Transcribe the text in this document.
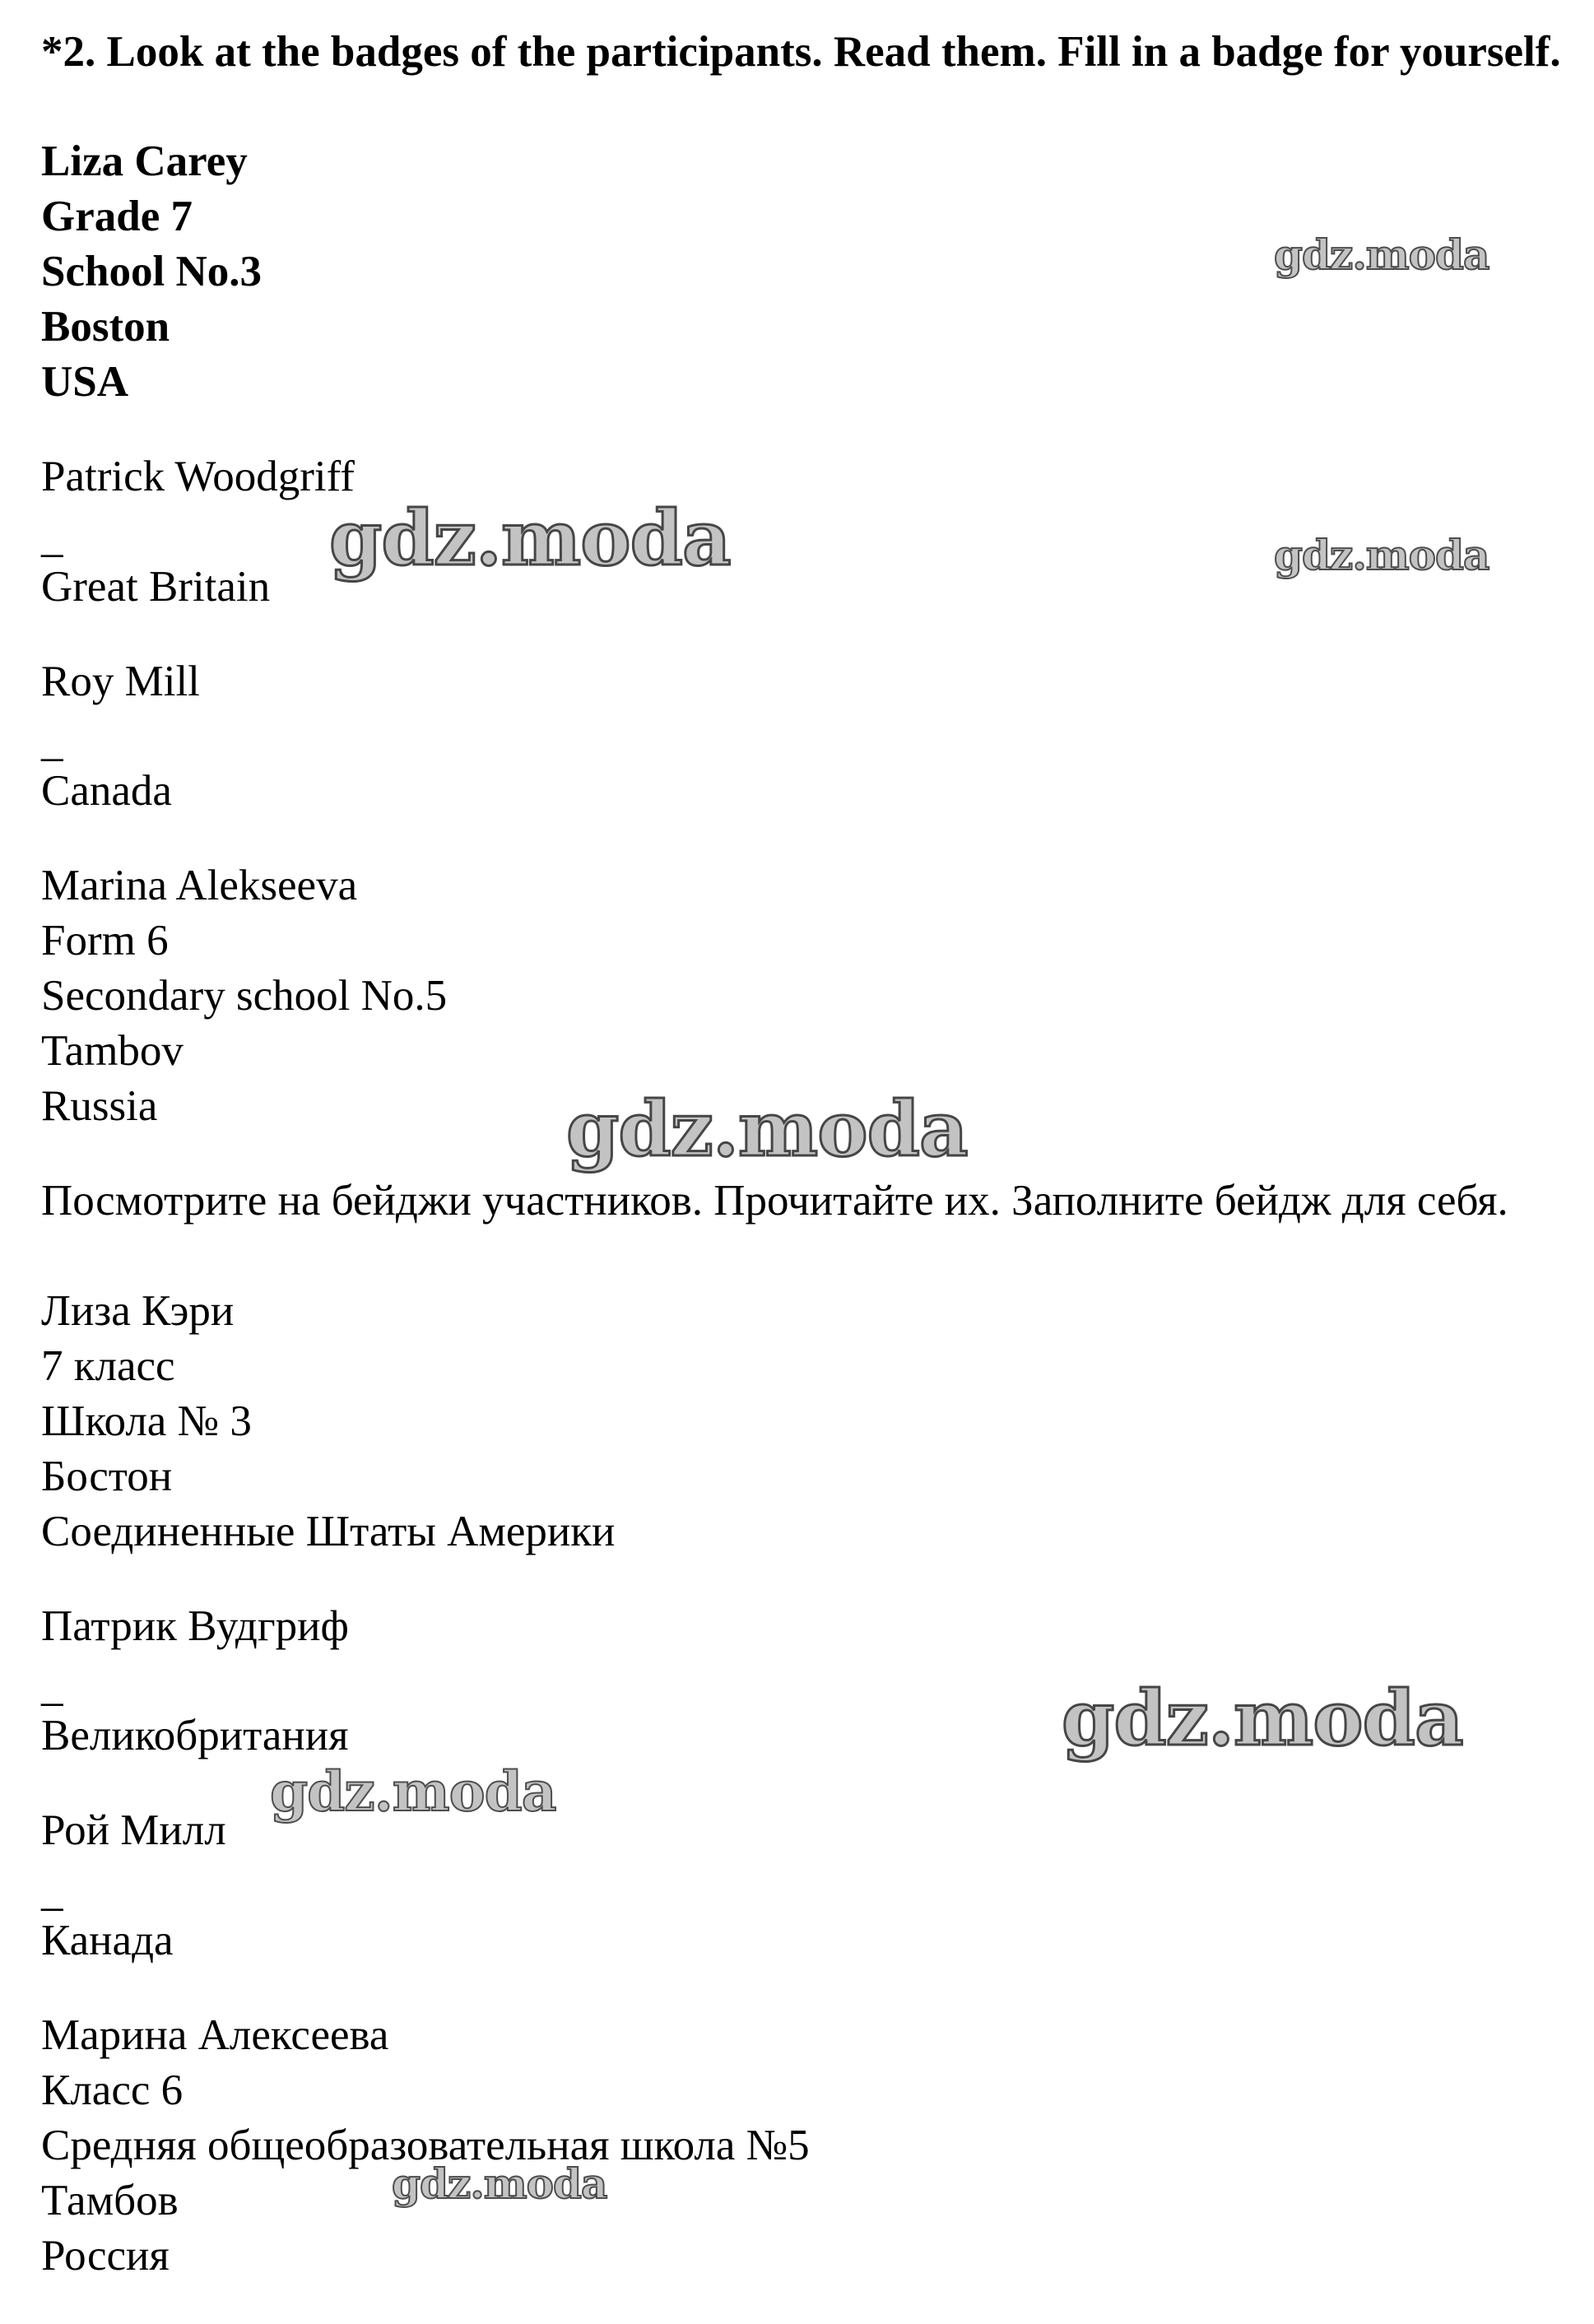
*2. Look at the badges of the participants. Read them. Fill in a badge for yourself.
Liza Carey
Grade 7
School No.3
Boston
USA
Patrick Woodgriff
_
Great Britain
Roy Mill
_
Canada
Marina Alekseeva
Form 6
Secondary school No.5
Tambov
Russia
Посмотрите на бейджи участников. Прочитайте их. Заполните бейдж для себя.
Лиза Кэри
7 класс
Школа № 3
Бостон
Соединенные Штаты Америки
Патрик Вудгриф
_
Великобритания
Рой Милл
_
Канада
Марина Алексеева
Класс 6
Средняя общеобразовательная школа №5
Тамбов
Россия
gdz.moda
gdz.moda	gdz.moda
gdz.moda
gdz.moda
gdz.moda
gdz.moda
